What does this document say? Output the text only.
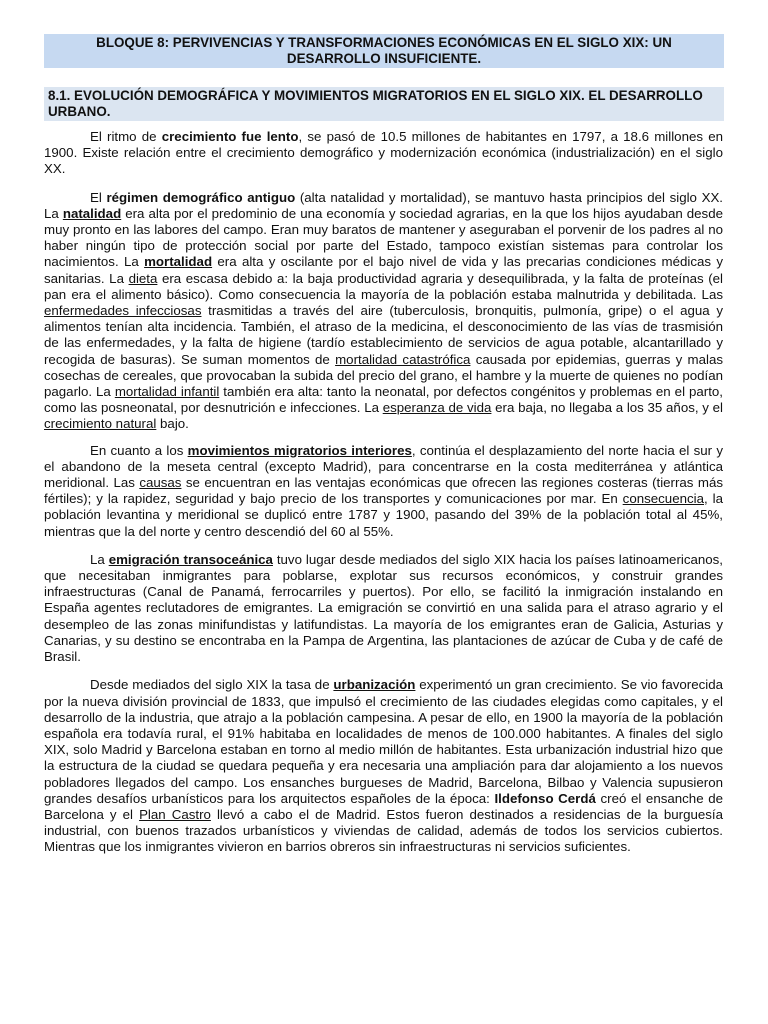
BLOQUE 8: PERVIVENCIAS Y TRANSFORMACIONES ECONÓMICAS EN EL SIGLO XIX: UN
DESARROLLO INSUFICIENTE.
8.1. EVOLUCIÓN DEMOGRÁFICA Y MOVIMIENTOS MIGRATORIOS EN EL SIGLO XIX. EL DESARROLLO URBANO.

El ritmo de crecimiento fue lento, se pasó de 10.5 millones de habitantes en 1797, a 18.6 millones en 1900. Existe relación entre el crecimiento demográfico y modernización económica (industrialización) en el siglo XX.

El régimen demográfico antiguo (alta natalidad y mortalidad), se mantuvo hasta principios del siglo XX. La natalidad era alta por el predominio de una economía y sociedad agrarias, en la que los hijos ayudaban desde muy pronto en las labores del campo. Eran muy baratos de mantener y aseguraban el porvenir de los padres al no haber ningún tipo de protección social por parte del Estado, tampoco existían sistemas para controlar los nacimientos. La mortalidad era alta y oscilante por el bajo nivel de vida y las precarias condiciones médicas y sanitarias. La dieta era escasa debido a: la baja productividad agraria y desequilibrada, y la falta de proteínas (el pan era el alimento básico). Como consecuencia la mayoría de la población estaba malnutrida y debilitada. Las enfermedades infecciosas trasmitidas a través del aire (tuberculosis, bronquitis, pulmonía, gripe) o el agua y alimentos tenían alta incidencia. También, el atraso de la medicina, el desconocimiento de las vías de trasmisión de las enfermedades, y la falta de higiene (tardío establecimiento de servicios de agua potable, alcantarillado y recogida de basuras). Se suman momentos de mortalidad catastrófica causada por epidemias, guerras y malas cosechas de cereales, que provocaban la subida del precio del grano, el hambre y la muerte de quienes no podían pagarlo. La mortalidad infantil también era alta: tanto la neonatal, por defectos congénitos y problemas en el parto, como las posneonatal, por desnutrición e infecciones. La esperanza de vida era baja, no llegaba a los 35 años, y el crecimiento natural bajo.

En cuanto a los movimientos migratorios interiores, continúa el desplazamiento del norte hacia el sur y el abandono de la meseta central (excepto Madrid), para concentrarse en la costa mediterránea y atlántica meridional. Las causas se encuentran en las ventajas económicas que ofrecen las regiones costeras (tierras más fértiles); y la rapidez, seguridad y bajo precio de los transportes y comunicaciones por mar. En consecuencia, la población levantina y meridional se duplicó entre 1787 y 1900, pasando del 39% de la población total al 45%, mientras que la del norte y centro descendió del 60 al 55%.

La emigración transoceánica tuvo lugar desde mediados del siglo XIX hacia los países latinoamericanos, que necesitaban inmigrantes para poblarse, explotar sus recursos económicos, y construir grandes infraestructuras (Canal de Panamá, ferrocarriles y puertos). Por ello, se facilitó la inmigración instalando en España agentes reclutadores de emigrantes. La emigración se convirtió en una salida para el atraso agrario y el desempleo de las zonas minifundistas y latifundistas. La mayoría de los emigrantes eran de Galicia, Asturias y Canarias, y su destino se encontraba en la Pampa de Argentina, las plantaciones de azúcar de Cuba y de café de Brasil.

Desde mediados del siglo XIX la tasa de urbanización experimentó un gran crecimiento. Se vio favorecida por la nueva división provincial de 1833, que impulsó el crecimiento de las ciudades elegidas como capitales, y el desarrollo de la industria, que atrajo a la población campesina. A pesar de ello, en 1900 la mayoría de la población española era todavía rural, el 91% habitaba en localidades de menos de 100.000 habitantes. A finales del siglo XIX, solo Madrid y Barcelona estaban en torno al medio millón de habitantes. Esta urbanización industrial hizo que la estructura de la ciudad se quedara pequeña y era necesaria una ampliación para dar alojamiento a los nuevos pobladores llegados del campo. Los ensanches burgueses de Madrid, Barcelona, Bilbao y Valencia supusieron grandes desafíos urbanísticos para los arquitectos españoles de la época: Ildefonso Cerdá creó el ensanche de Barcelona y el Plan Castro llevó a cabo el de Madrid. Estos fueron destinados a residencias de la burguesía industrial, con buenos trazados urbanísticos y viviendas de calidad, además de todos los servicios cubiertos. Mientras que los inmigrantes vivieron en barrios obreros sin infraestructuras ni servicios suficientes.
